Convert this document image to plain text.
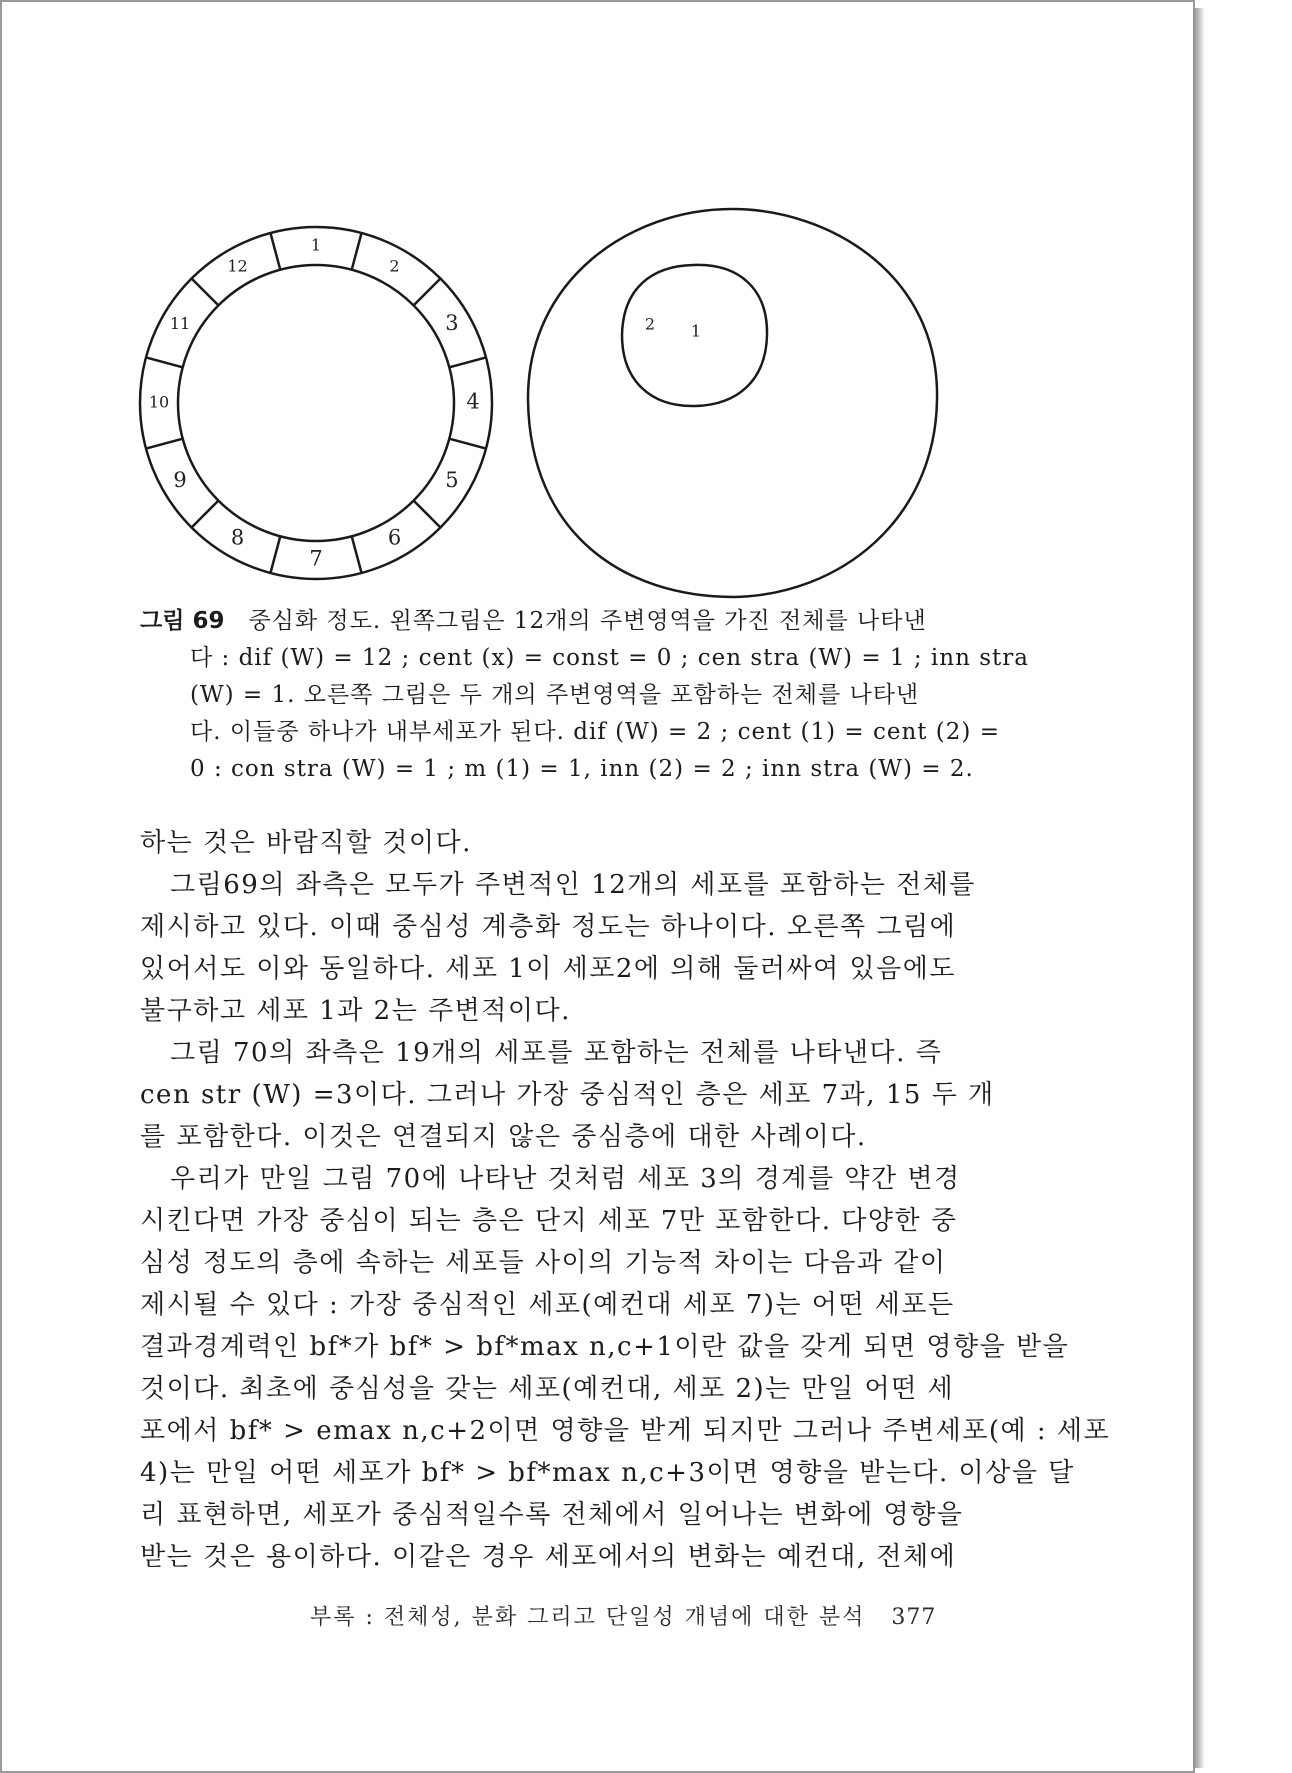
1
2
3
4
5
6
7
8
9
10
11
12
1
2

그림 69 중심화 정도. 왼쪽그림은 12개의 주변영역을 가진 전체를 나타낸

다 : dif (W) = 12 ; cent (x) = const = 0 ; cen stra (W) = 1 ; inn stra

(W) = 1. 오른쪽 그림은 두 개의 주변영역을 포함하는 전체를 나타낸

다. 이들중 하나가 내부세포가 된다. dif (W) = 2 ; cent (1) = cent (2) =

0 : con stra (W) = 1 ; m (1) = 1, inn (2) = 2 ; inn stra (W) = 2.

하는 것은 바람직할 것이다.

그림69의 좌측은 모두가 주변적인 12개의 세포를 포함하는 전체를

제시하고 있다. 이때 중심성 계층화 정도는 하나이다. 오른쪽 그림에

있어서도 이와 동일하다. 세포 1이 세포2에 의해 둘러싸여 있음에도

불구하고 세포 1과 2는 주변적이다.

그림 70의 좌측은 19개의 세포를 포함하는 전체를 나타낸다. 즉

cen str (W) =3이다. 그러나 가장 중심적인 층은 세포 7과, 15 두 개

를 포함한다. 이것은 연결되지 않은 중심층에 대한 사례이다.

우리가 만일 그림 70에 나타난 것처럼 세포 3의 경계를 약간 변경

시킨다면 가장 중심이 되는 층은 단지 세포 7만 포함한다. 다양한 중

심성 정도의 층에 속하는 세포들 사이의 기능적 차이는 다음과 같이

제시될 수 있다 : 가장 중심적인 세포(예컨대 세포 7)는 어떤 세포든

결과경계력인 bf*가 bf* > bf*max n,c+1이란 값을 갖게 되면 영향을 받을

것이다. 최초에 중심성을 갖는 세포(예컨대, 세포 2)는 만일 어떤 세

포에서 bf* > emax n,c+2이면 영향을 받게 되지만 그러나 주변세포(예 : 세포

4)는 만일 어떤 세포가 bf* > bf*max n,c+3이면 영향을 받는다. 이상을 달

리 표현하면, 세포가 중심적일수록 전체에서 일어나는 변화에 영향을

받는 것은 용이하다. 이같은 경우 세포에서의 변화는 예컨대, 전체에

부록 : 전체성, 분화 그리고 단일성 개념에 대한 분석 377
